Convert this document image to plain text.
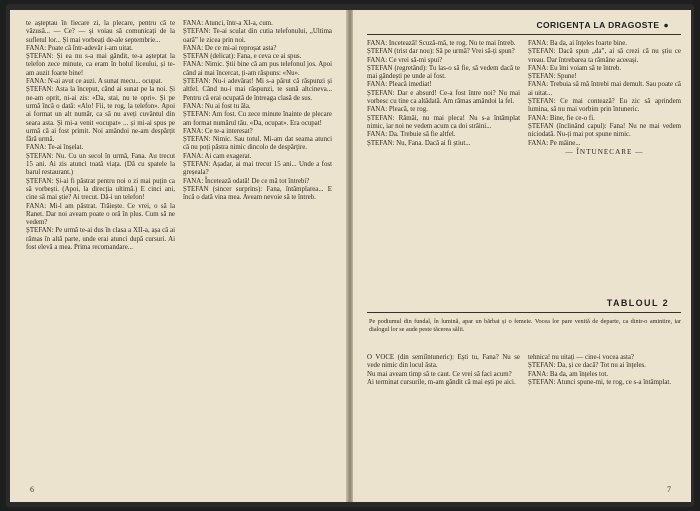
te așteptau în fiecare zi, la plecare, pentru că te văzusă... — Ce? — și voiau să comunicați de la sufletul lor... Și mai vorbeați de-ale septembrie...

FANA: Poate că într-adevăr i-am uitat.

ȘTEFAN: Și ea nu s-a mai gândit, te-a așteptat la telefon zece minute, ca eram în holul liceului, și te-am auzit foarte bine!

FANA: N-ai avut ce auzi. A sunat mecu... ocupat.

ȘTEFAN: Asta la început, când ai sunat pe la noi. Și ne-am oprit, ni-ai zis: «Da, stai, nu te opri». Și pe urmă încă o dată: «Alo! Fii, te rog, la telefon». Apoi ai format un alt număr, ca să nu aveți cuvântul din seara asta. Și mi-a venit «ocupat» ... și mi-ai spus pe urmă că ai fost primit. Noi amândoi ne-am despărțit fără urmă.

FANA: Te-ai înșelat.

ȘTEFAN: Nu. Cu un secol în urmă, Fana. Au trecut 15 ani. Ai zis atunci toată viața. (Dă cu spatele la barul restaurant.)

ȘTEFAN: Și-ai fi păstrat pentru noi o zi mai puțin ca să vorbești. (Apoi, la direcția ultimă.) E cinci ani, cine să mai știe? Ai trecut. Dă-i un telefon!

FANA: Mi-l am păstrat. Trăiește. Ce vrei, o să la Ranet. Dar noi aveam poate o oră în plus. Cum să ne vedem?

ȘTEFAN: Pe urmă te-ai dus în clasa a XII-a, așa că ai rămas în altă parte, unde erai atunci după cursuri. Ai fost elevă a mea. Prima recomandare...

FANA: Atunci, într-a XI-a, cum.

ȘTEFAN: Te-ai sculat din cutia telefonului, „Ultima oară” le zicea prin noi.

FANA: De ce mi-ai reproșat asta?

ȘTEFAN (delicat): Fana, e ceva ce ai spus.

FANA: Nimic. Știi bine că am pus telefonul jos. Apoi când ai mai încercat, ți-am răspuns: «Nu».

ȘTEFAN: Nu-i adevărat! Mi s-a părut că răspunzi și altfel. Când nu-i mai răspunzi, te sună altcineva... Pentru că erai ocupată de întreaga clasă de sus.

FANA: Nu ai fost tu ăla.

ȘTEFAN: Am fost. Cu zece minute înainte de plecare am format numărul tău. «Da, ocupat». Era ocupat!

FANA: Ce te-a interesat?

ȘTEFAN: Nimic. Sau totul. Mi-am dat seama atunci că nu poți păstra nimic dincolo de despărțire.

FANA: Ai cam exagerat.

ȘTEFAN: Așadar, ai mai trecut 15 ani... Unde a fost greșeala?

FANA: Încetează odată! De ce mă tot întrebi?

ȘTEFAN (sincer surprins): Fana, întâmplarea... E încă o dată vina mea. Aveam nevoie să te întreb.

6
CORIGENȚA LA DRAGOSTE ●

FANA: Încetează! Scuză-mă, te rog. Nu te mai întreb.

ȘTEFAN (trist dar nou): Să pe urmă? Vrei să-ți spun?

FANA: Ce vrei să-mi spui?

ȘTEFAN (regretând): Tu las-o să fie, să vedem dacă te mai gândești pe unde ai fost.

FANA: Pleacă imediat!

ȘTEFAN: Dar e absurd! Ce-a fost între noi? Nu mai vorbesc cu tine ca altădată. Am rămas amândoi la fel.

FANA: Pleacă, te rog.

ȘTEFAN: Rămâi, nu mai pleca! Nu s-a întâmplat nimic, iar noi ne vedem acum ca doi străini...

FANA: Da. Trebuie să fie altfel.

ȘTEFAN: Nu, Fana. Dacă ai fi știut...

FANA: Ba da, ai înțeles foarte bine.

ȘTEFAN: Dacă spun „da”, ai să crezi că nu știu ce vreau. Dar întrebarea ta rămâne aceeași.

FANA: Eu îmi voiam să te întreb.

ȘTEFAN: Spune!

FANA: Trebuia să mă întrebi mai demult. Sau poate că ai uitat...

ȘTEFAN: Ce mai contează? Eu zic să aprindem lumina, să nu mai vorbim prin întuneric.

FANA: Bine, fie ce-o fi.

ȘTEFAN (înclinând capul): Fana! Nu ne mai vedem niciodată. Nu-ți mai pot spune nimic.

FANA: Pe mâine...

— ÎNTUNECARE —

TABLOUL 2
Pe podiumul din fundal, în lumină, apar un bărbat și o femeie. Vocea lor pare venită de departe, ca dintr-o amintire, iar dialogul lor se aude peste tăcerea sălii.

O VOCE (din semiîntuneric): Ești tu, Fana? Nu se vede nimic din locul ăsta.

Nu mai aveam timp să te caut. Ce vrei să faci acum?

Ai terminat cursurile, m-am gândit că mai ești pe aici.

tehnica! nu uitați — cine-i vocea asta?

ȘTEFAN: Da, și ce dacă? Tot nu ai înțeles.

FANA: Ba da, am înțeles tot.

ȘTEFAN: Atunci spune-mi, te rog, ce s-a întâmplat.

7
